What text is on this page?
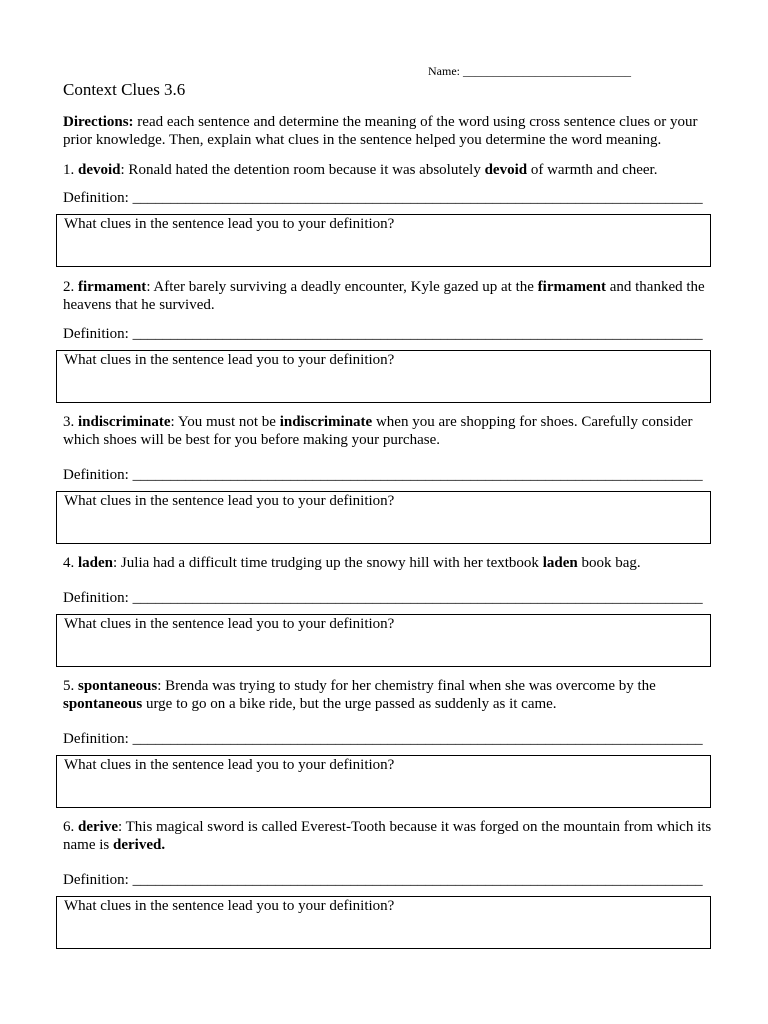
Name: ____________________________
Context Clues 3.6
Directions: read each sentence and determine the meaning of the word using cross sentence clues or your prior knowledge. Then, explain what clues in the sentence helped you determine the word meaning.
1. devoid: Ronald hated the detention room because it was absolutely devoid of warmth and cheer.
Definition: ____________________________________________________________________________
What clues in the sentence lead you to your definition?
2. firmament: After barely surviving a deadly encounter, Kyle gazed up at the firmament and thanked the heavens that he survived.
Definition: ____________________________________________________________________________
What clues in the sentence lead you to your definition?
3. indiscriminate: You must not be indiscriminate when you are shopping for shoes. Carefully consider which shoes will be best for you before making your purchase.
Definition: ____________________________________________________________________________
What clues in the sentence lead you to your definition?
4. laden: Julia had a difficult time trudging up the snowy hill with her textbook laden book bag.
Definition: ____________________________________________________________________________
What clues in the sentence lead you to your definition?
5. spontaneous: Brenda was trying to study for her chemistry final when she was overcome by the spontaneous urge to go on a bike ride, but the urge passed as suddenly as it came.
Definition: ____________________________________________________________________________
What clues in the sentence lead you to your definition?
6. derive: This magical sword is called Everest-Tooth because it was forged on the mountain from which its name is derived.
Definition: ____________________________________________________________________________
What clues in the sentence lead you to your definition?
